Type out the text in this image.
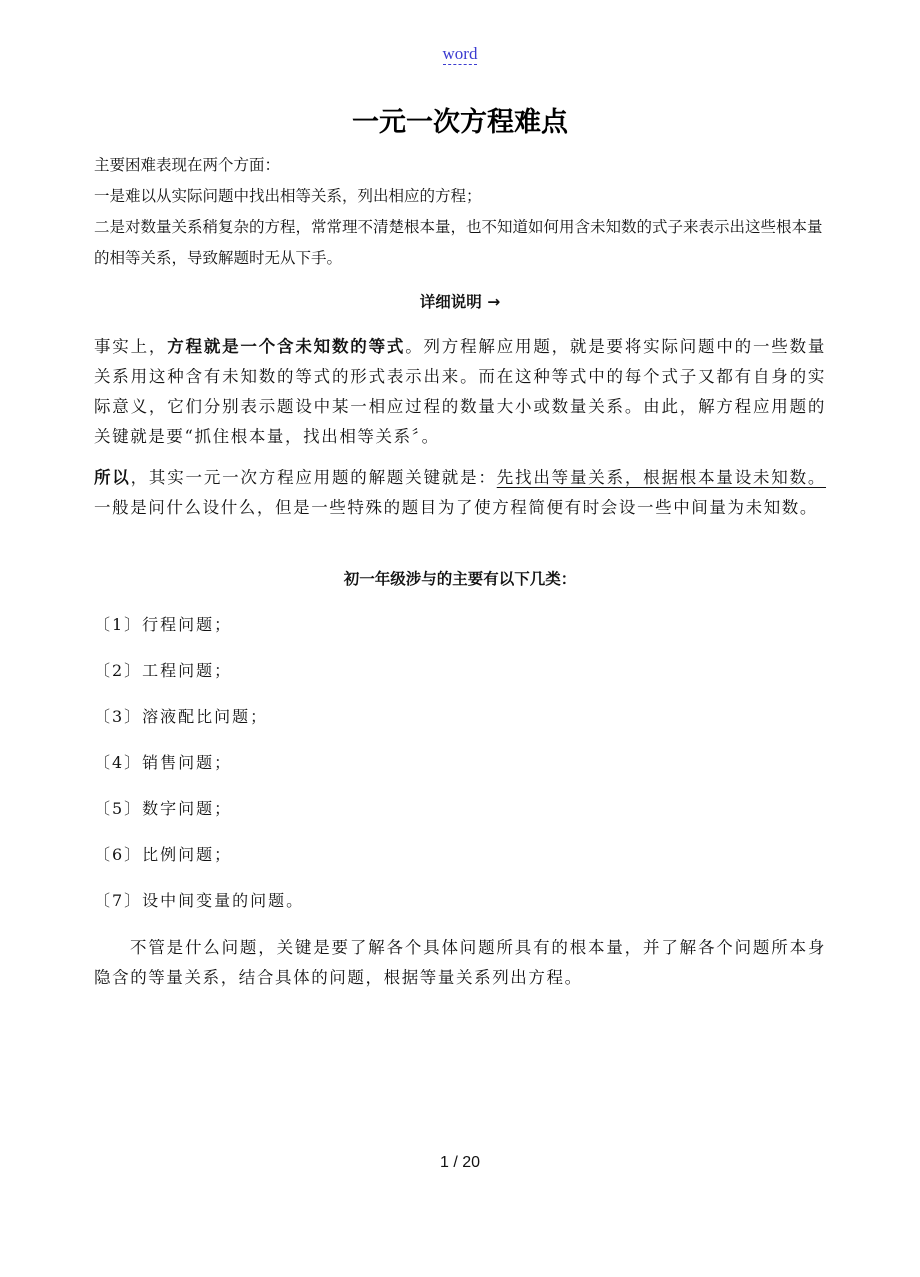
word
一元一次方程难点

主要困难表现在两个方面：

一是难以从实际问题中找出相等关系，列出相应的方程；

二是对数量关系稍复杂的方程，常常理不清楚根本量，也不知道如何用含未知数的式子来表示出这些根本量的相等关系，导致解题时无从下手。

详细说明 →

事实上，方程就是一个含未知数的等式。列方程解应用题，就是要将实际问题中的一些数量关系用这种含有未知数的等式的形式表示出来。而在这种等式中的每个式子又都有自身的实际意义，它们分别表示题设中某一相应过程的数量大小或数量关系。由此，解方程应用题的关键就是要“抓住根本量，找出相等关系〞。

所以，其实一元一次方程应用题的解题关键就是：先找出等量关系，根据根本量设未知数。一般是问什么设什么，但是一些特殊的题目为了使方程简便有时会设一些中间量为未知数。

初一年级涉与的主要有以下几类：
〔1〕行程问题；
〔2〕工程问题；
〔3〕溶液配比问题；
〔4〕销售问题；
〔5〕数字问题；
〔6〕比例问题；
〔7〕设中间变量的问题。

不管是什么问题，关键是要了解各个具体问题所具有的根本量，并了解各个问题所本身隐含的等量关系，结合具体的问题，根据等量关系列出方程。

1 / 20
